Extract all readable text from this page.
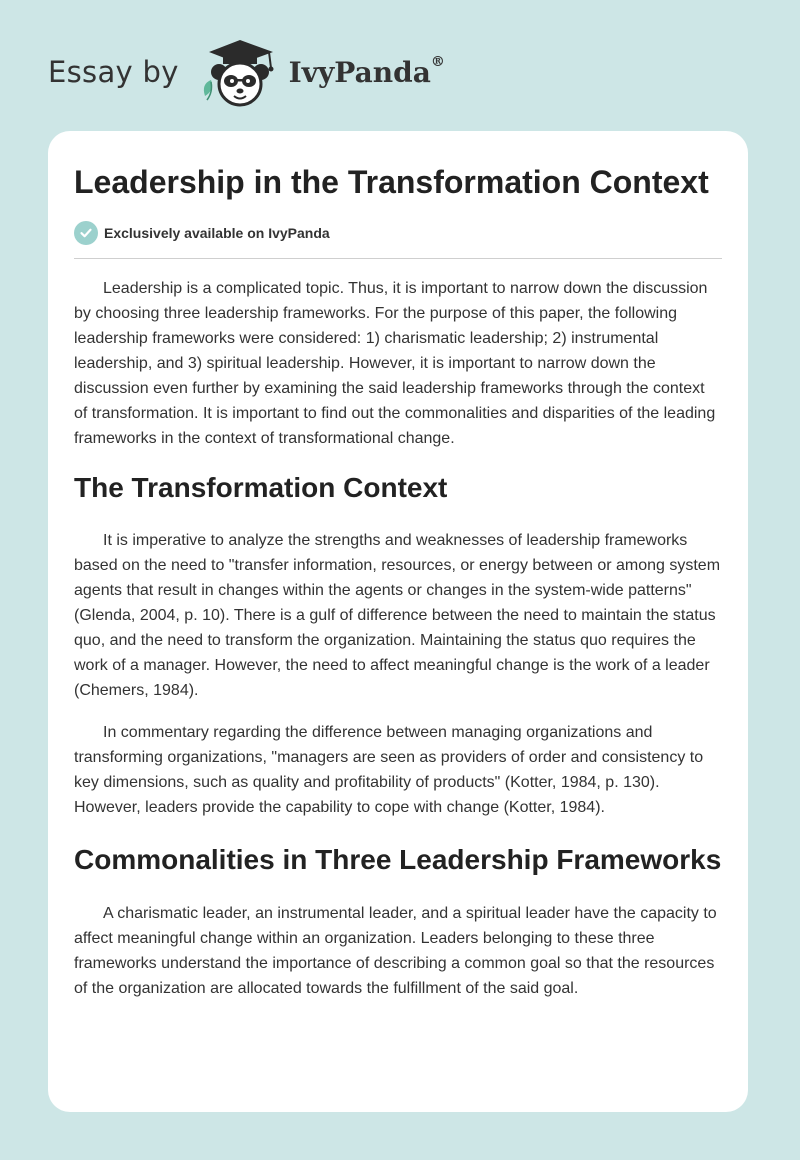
Essay by	IvyPanda®
Leadership in the Transformation Context
Exclusively available on IvyPanda

Leadership is a complicated topic. Thus, it is important to narrow down the discussion by choosing three leadership frameworks. For the purpose of this paper, the following leadership frameworks were considered: 1) charismatic leadership; 2) instrumental leadership, and 3) spiritual leadership. However, it is important to narrow down the discussion even further by examining the said leadership frameworks through the context of transformation. It is important to find out the commonalities and disparities of the leading frameworks in the context of transformational change.

The Transformation Context

It is imperative to analyze the strengths and weaknesses of leadership frameworks based on the need to "transfer information, resources, or energy between or among system agents that result in changes within the agents or changes in the system-wide patterns" (Glenda, 2004, p. 10). There is a gulf of difference between the need to maintain the status quo, and the need to transform the organization. Maintaining the status quo requires the work of a manager. However, the need to affect meaningful change is the work of a leader (Chemers, 1984).

In commentary regarding the difference between managing organizations and transforming organizations, "managers are seen as providers of order and consistency to key dimensions, such as quality and profitability of products" (Kotter, 1984, p. 130). However, leaders provide the capability to cope with change (Kotter, 1984).

Commonalities in Three Leadership Frameworks

A charismatic leader, an instrumental leader, and a spiritual leader have the capacity to affect meaningful change within an organization. Leaders belonging to these three frameworks understand the importance of describing a common goal so that the resources of the organization are allocated towards the fulfillment of the said goal.
